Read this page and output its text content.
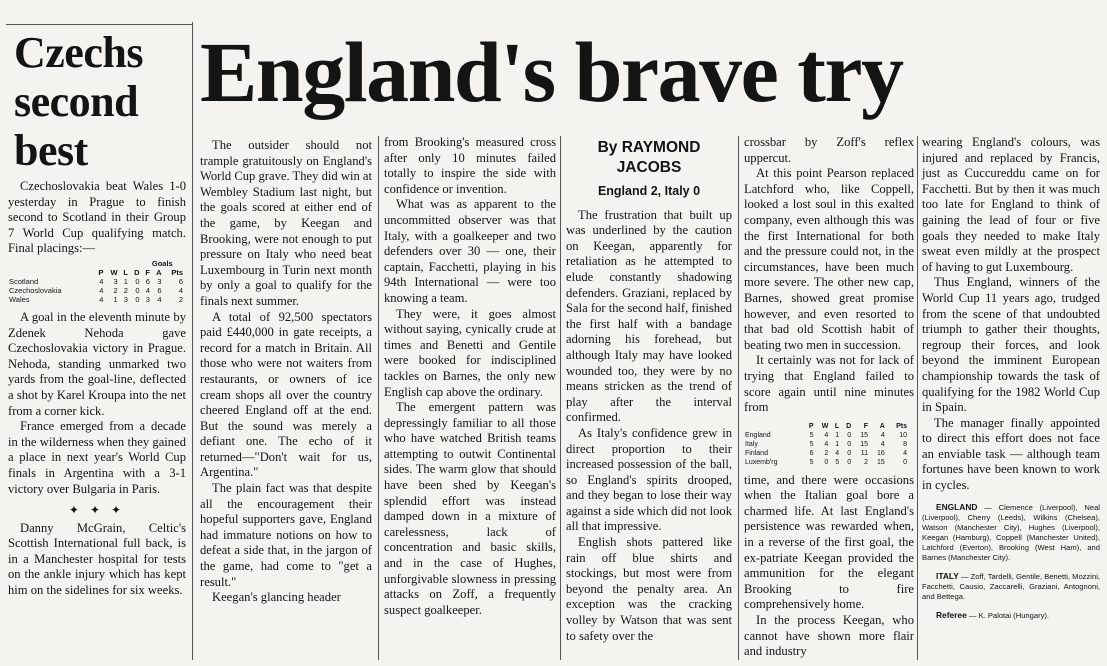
Czechs
second
best

Czechoslovakia beat Wales 1-0 yesterday in Prague to finish second to Scotland in their Group 7 World Cup qualifying match. Final placings:—

					Goals		
	P	W	L	D	F	A	Pts
Scotland	4	3	1	0	6	3	6
Czechoslovakia	4	2	2	0	4	6	4
Wales	4	1	3	0	3	4	2

A goal in the eleventh minute by Zdenek Nehoda gave Czechoslovakia victory in Prague. Nehoda, standing unmarked two yards from the goal-line, deflected a shot by Karel Kroupa into the net from a corner kick.

France emerged from a decade in the wilderness when they gained a place in next year's World Cup finals in Argentina with a 3-1 victory over Bulgaria in Paris.

✦ ✦ ✦

Danny McGrain, Celtic's Scottish International full back, is in a Manchester hospital for tests on the ankle injury which has kept him on the sidelines for six weeks.

England's brave try

The outsider should not trample gratuitously on England's World Cup grave. They did win at Wembley Stadium last night, but the goals scored at either end of the game, by Keegan and Brooking, were not enough to put pressure on Italy who need beat Luxembourg in Turin next month by only a goal to qualify for the finals next summer.

A total of 92,500 spectators paid £440,000 in gate receipts, a record for a match in Britain. All those who were not waiters from restaurants, or owners of ice cream shops all over the country cheered England off at the end. But the sound was merely a defiant one. The echo of it returned—"Don't wait for us, Argentina."

The plain fact was that despite all the encouragement their hopeful supporters gave, England had immature notions on how to defeat a side that, in the jargon of the game, had come to "get a result."

Keegan's glancing header

from Brooking's measured cross after only 10 minutes failed totally to inspire the side with confidence or invention.

What was as apparent to the uncommitted observer was that Italy, with a goalkeeper and two defenders over 30 — one, their captain, Facchetti, playing in his 94th International — were too knowing a team.

They were, it goes almost without saying, cynically crude at times and Benetti and Gentile were booked for indisciplined tackles on Barnes, the only new English cap above the ordinary.

The emergent pattern was depressingly familiar to all those who have watched British teams attempting to outwit Continental sides. The warm glow that should have been shed by Keegan's splendid effort was instead damped down in a mixture of carelessness, lack of concentration and basic skills, and in the case of Hughes, unforgivable slowness in pressing attacks on Zoff, a frequently suspect goalkeeper.

By RAYMOND
JACOBS
England 2, Italy 0

The frustration that built up was underlined by the caution on Keegan, apparently for retaliation as he attempted to elude constantly shadowing defenders. Graziani, replaced by Sala for the second half, finished the first half with a bandage adorning his forehead, but although Italy may have looked wounded too, they were by no means stricken as the trend of play after the interval confirmed.

As Italy's confidence grew in direct proportion to their increased possession of the ball, so England's spirits drooped, and they began to lose their way against a side which did not look all that impressive.

English shots pattered like rain off blue shirts and stockings, but most were from beyond the penalty area. An exception was the cracking volley by Watson that was sent to safety over the

crossbar by Zoff's reflex uppercut.

At this point Pearson replaced Latchford who, like Coppell, looked a lost soul in this exalted company, even although this was the first International for both and the pressure could not, in the circumstances, have been much more severe. The other new cap, Barnes, showed great promise however, and even resorted to that bad old Scottish habit of beating two men in succession.

It certainly was not for lack of trying that England failed to score again until nine minutes from

	P	W	L	D	F	A	Pts
England	5	4	1	0	15	4	10
Italy	5	4	1	0	15	4	8
Finland	6	2	4	0	11	16	4
Luxemb'rg	5	0	5	0	2	15	0

time, and there were occasions when the Italian goal bore a charmed life. At last England's persistence was rewarded when, in a reverse of the first goal, the ex-patriate Keegan provided the ammunition for the elegant Brooking to fire comprehensively home.

In the process Keegan, who cannot have shown more flair and industry

wearing England's colours, was injured and replaced by Francis, just as Cuccureddu came on for Facchetti. But by then it was much too late for England to think of gaining the lead of four or five goals they needed to make Italy sweat even mildly at the prospect of having to gut Luxembourg.

Thus England, winners of the World Cup 11 years ago, trudged from the scene of that undoubted triumph to gather their thoughts, regroup their forces, and look beyond the imminent European championship towards the task of qualifying for the 1982 World Cup in Spain.

The manager finally appointed to direct this effort does not face an enviable task — although team fortunes have been known to work in cycles.

ENGLAND — Clemence (Liverpool), Neal (Liverpool), Cherry (Leeds), Wilkins (Chelsea), Watson (Manchester City), Hughes (Liverpool), Keegan (Hamburg), Coppell (Manchester United), Latchford (Everton), Brooking (West Ham), and Barnes (Manchester City).

ITALY — Zoff, Tardelli, Gentile, Benetti, Mozzini, Facchetti, Causio, Zaccarelli, Graziani, Antognoni, and Bettega.

Referee — K. Palotai (Hungary).
